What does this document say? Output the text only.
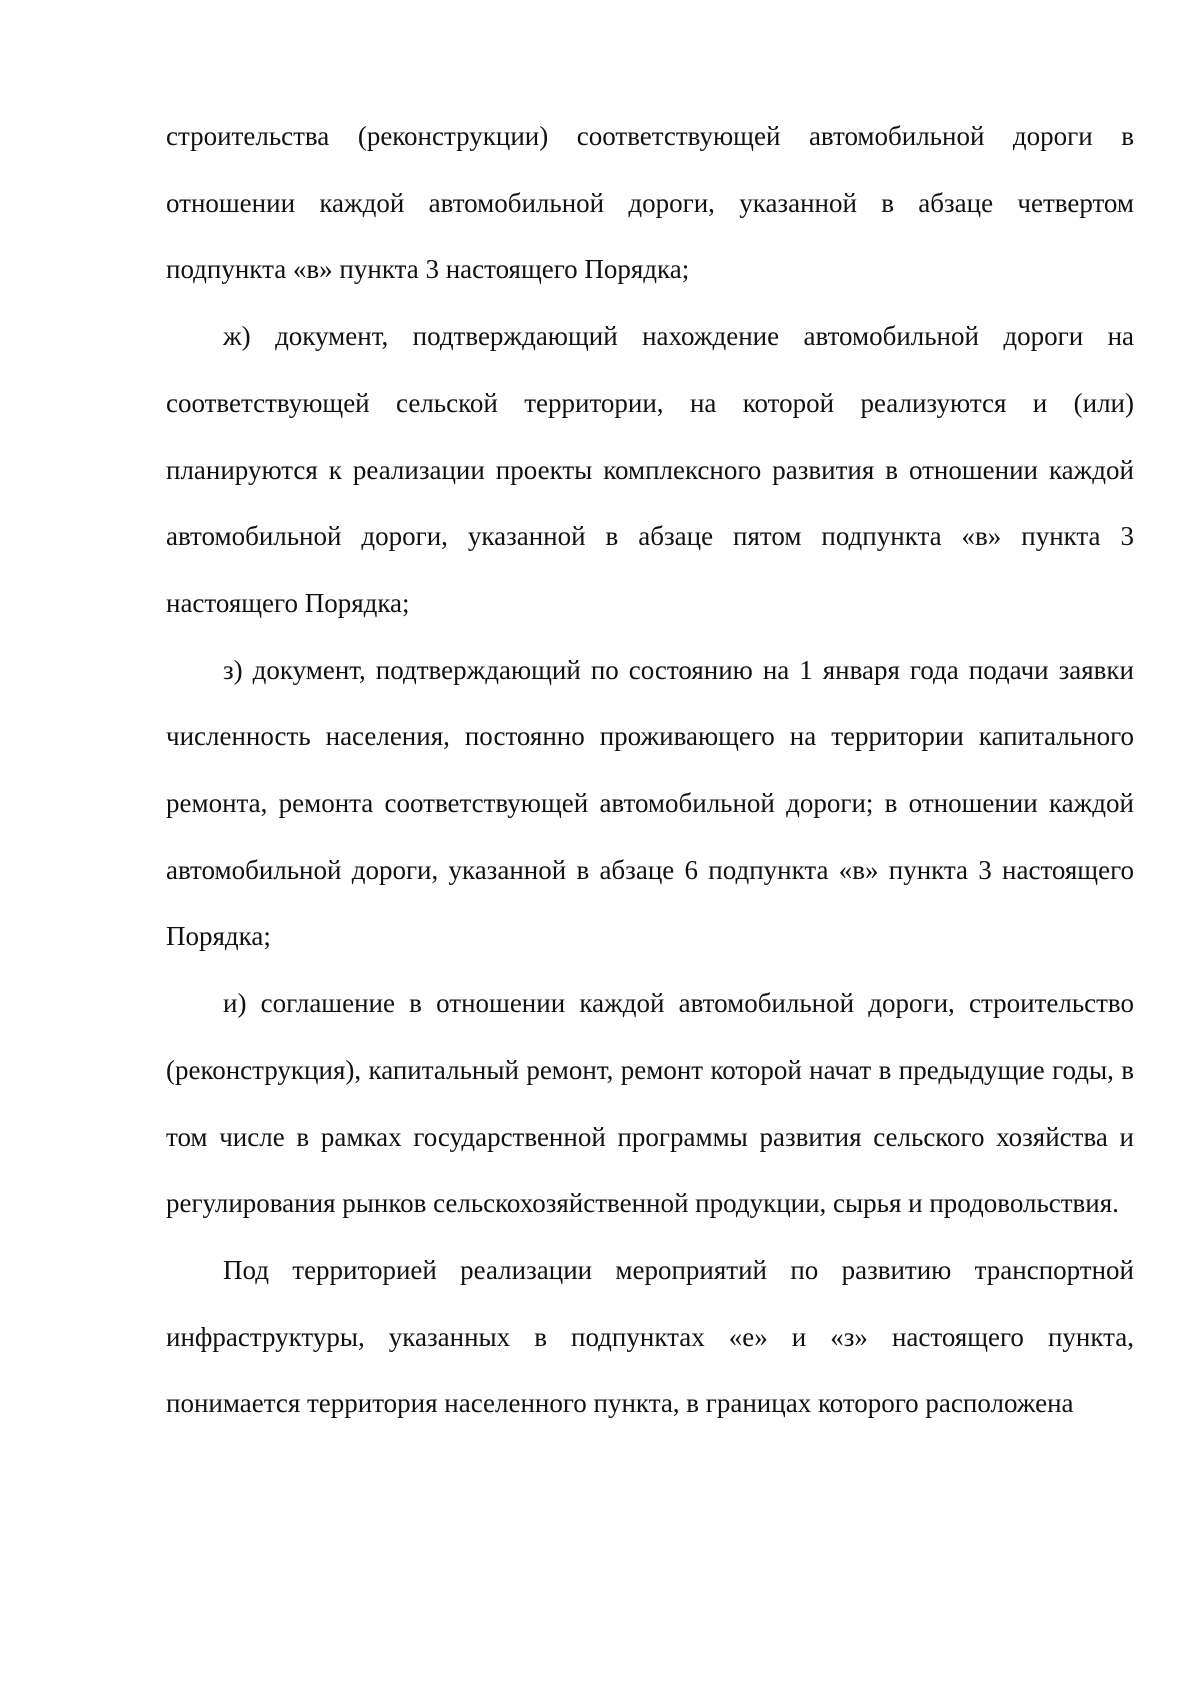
строительства (реконструкции) соответствующей автомобильной дороги в отношении каждой автомобильной дороги, указанной в абзаце четвертом подпункта «в» пункта 3 настоящего Порядка;

ж) документ, подтверждающий нахождение автомобильной дороги на соответствующей сельской территории, на которой реализуются и (или) планируются к реализации проекты комплексного развития в отношении каждой автомобильной дороги, указанной в абзаце пятом подпункта «в» пункта 3 настоящего Порядка;

з) документ, подтверждающий по состоянию на 1 января года подачи заявки численность населения, постоянно проживающего на территории капитального ремонта, ремонта соответствующей автомобильной дороги; в отношении каждой автомобильной дороги, указанной в абзаце 6 подпункта «в» пункта 3 настоящего Порядка;

и) соглашение в отношении каждой автомобильной дороги, строительство (реконструкция), капитальный ремонт, ремонт которой начат в предыдущие годы, в том числе в рамках государственной программы развития сельского хозяйства и регулирования рынков сельскохозяйственной продукции, сырья и продовольствия.

Под территорией реализации мероприятий по развитию транспортной инфраструктуры, указанных в подпунктах «е» и «з» настоящего пункта, понимается территория населенного пункта, в границах которого расположена
